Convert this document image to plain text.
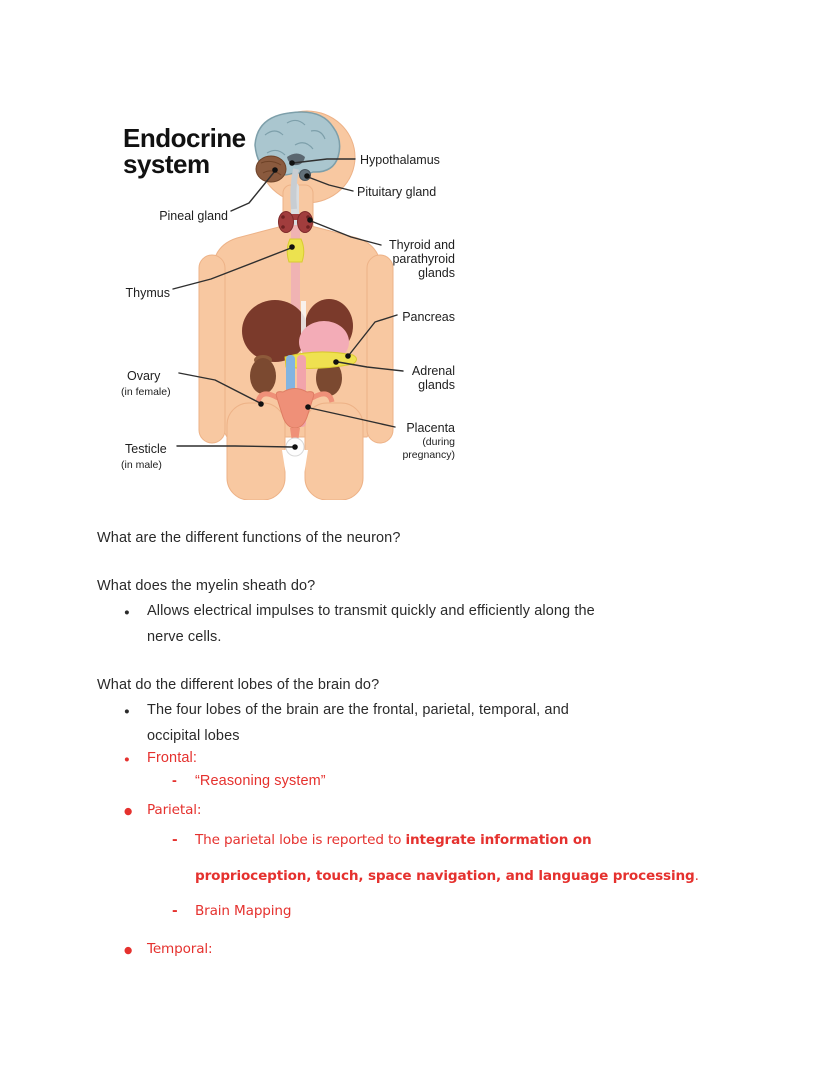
Endocrine
system	Hypothalamus
Pituitary gland
Pineal gland
Thyroid and
parathyroid
glands
Thymus
Pancreas
Ovary
(in female)
Adrenal
glands
Placenta
(during
pregnancy)
Testicle
(in male)
What are the different functions of the neuron?
What does the myelin sheath do?
●
Allows electrical impulses to transmit quickly and efficiently along the
nerve cells.
What do the different lobes of the brain do?
●
The four lobes of the brain are the frontal, parietal, temporal, and
occipital lobes
●
Frontal:
-
“Reasoning system”
●
Parietal:
-
The parietal lobe is reported to integrate information on
proprioception, touch, space navigation, and language processing.
-
Brain Mapping
●
Temporal:
